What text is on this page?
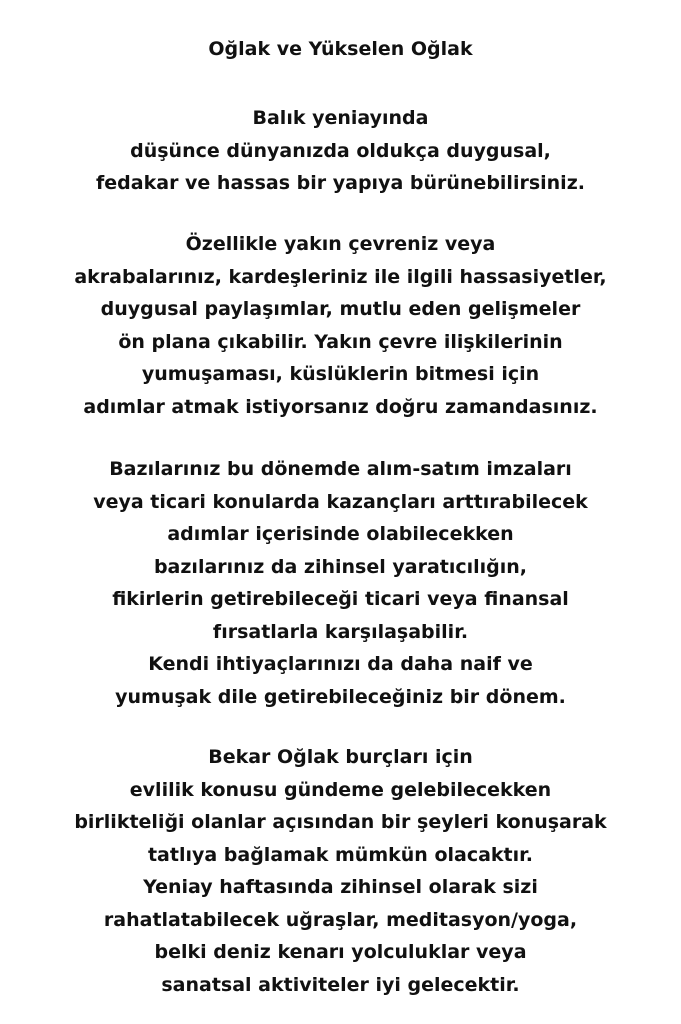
Oğlak ve Yükselen Oğlak
Balık yeniayında
düşünce dünyanızda oldukça duygusal,
fedakar ve hassas bir yapıya bürünebilirsiniz.
Özellikle yakın çevreniz veya
akrabalarınız, kardeşleriniz ile ilgili hassasiyetler,
duygusal paylaşımlar, mutlu eden gelişmeler
ön plana çıkabilir. Yakın çevre ilişkilerinin
yumuşaması, küslüklerin bitmesi için
adımlar atmak istiyorsanız doğru zamandasınız.
Bazılarınız bu dönemde alım-satım imzaları
veya ticari konularda kazançları arttırabilecek
adımlar içerisinde olabilecekken
bazılarınız da zihinsel yaratıcılığın,
fikirlerin getirebileceği ticari veya finansal
fırsatlarla karşılaşabilir.
Kendi ihtiyaçlarınızı da daha naif ve
yumuşak dile getirebileceğiniz bir dönem.
Bekar Oğlak burçları için
evlilik konusu gündeme gelebilecekken
birlikteliği olanlar açısından bir şeyleri konuşarak
tatlıya bağlamak mümkün olacaktır.
Yeniay haftasında zihinsel olarak sizi
rahatlatabilecek uğraşlar, meditasyon/yoga,
belki deniz kenarı yolculuklar veya
sanatsal aktiviteler iyi gelecektir.
